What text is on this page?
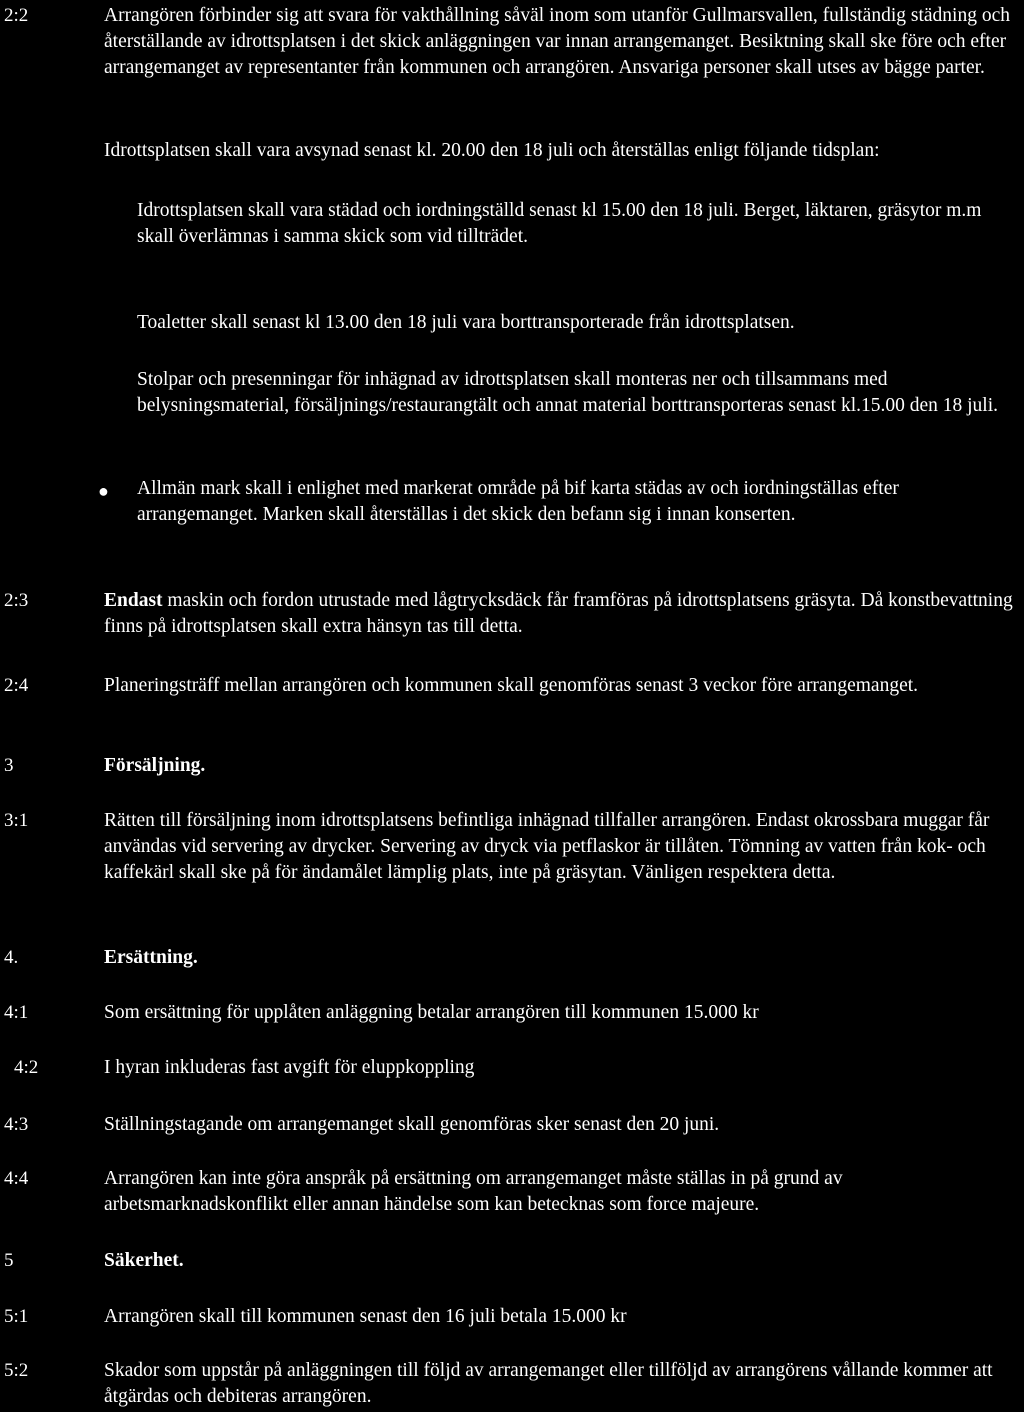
2:2	Arrangören förbinder sig att svara för vakthållning såväl inom som utanför Gullmarsvallen, fullständig städning och återställande av idrottsplatsen i det skick anläggningen var innan arrangemanget. Besiktning skall ske före och efter arrangemanget av representanter från kommunen och arrangören. Ansvariga personer skall utses av bägge parter.

Idrottsplatsen skall vara avsynad senast kl. 20.00 den 18 juli och återställas enligt följande tidsplan:

Idrottsplatsen skall vara städad och iordningställd senast kl 15.00 den 18 juli. Berget, läktaren, gräsytor m.m skall överlämnas i samma skick som vid tillträdet.

Toaletter skall senast kl 13.00 den 18 juli vara borttransporterade från idrottsplatsen.

Stolpar och presenningar för inhägnad av idrottsplatsen skall monteras ner och tillsammans med belysningsmaterial, försäljnings/restaurangtält och annat material borttransporteras senast kl.15.00 den 18 juli.

● Allmän mark skall i enlighet med markerat område på bif karta städas av och iordningställas efter arrangemanget. Marken skall återställas i det skick den befann sig i innan konserten.

2:3	Endast maskin och fordon utrustade med lågtrycksdäck får framföras på idrottsplatsens gräsyta. Då konstbevattning finns på idrottsplatsen skall extra hänsyn tas till detta.

2:4	Planeringsträff mellan arrangören och kommunen skall genomföras senast 3 veckor före arrangemanget.

3	Försäljning.
3:1	Rätten till försäljning inom idrottsplatsens befintliga inhägnad tillfaller arrangören. Endast okrossbara muggar får användas vid servering av drycker. Servering av dryck via petflaskor är tillåten. Tömning av vatten från kok- och kaffekärl skall ske på för ändamålet lämplig plats, inte på gräsytan. Vänligen respektera detta.

4.	Ersättning.
4:1	Som ersättning för upplåten anläggning betalar arrangören till kommunen 15.000 kr

4:2	I hyran inkluderas fast avgift för eluppkoppling

4:3	Ställningstagande om arrangemanget skall genomföras sker senast den 20 juni.

4:4	Arrangören kan inte göra anspråk på ersättning om arrangemanget måste ställas in på grund av arbetsmarknadskonflikt eller annan händelse som kan betecknas som force majeure.

5	Säkerhet.
5:1	Arrangören skall till kommunen senast den 16 juli betala 15.000 kr

5:2	Skador som uppstår på anläggningen till följd av arrangemanget eller tillföljd av arrangörens vållande kommer att åtgärdas och debiteras arrangören.
